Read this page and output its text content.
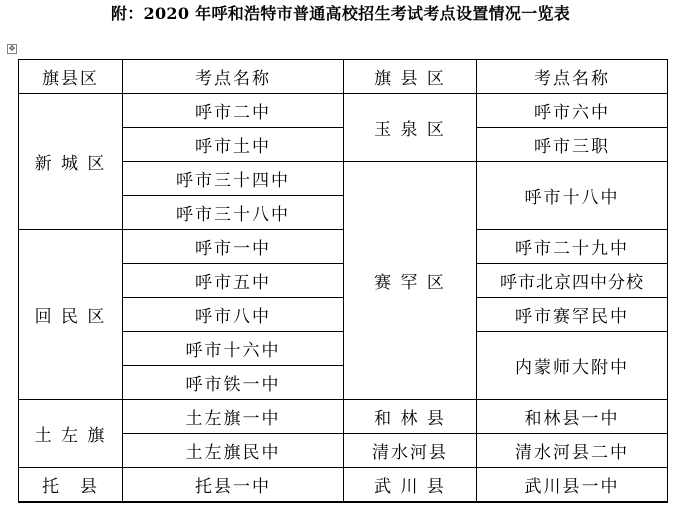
附：2020 年呼和浩特市普通高校招生考试考点设置情况一览表
✥
旗县区	考点名称	旗 县 区	考点名称
新 城 区	呼市二中	玉 泉 区	呼市六中
	呼市土中		呼市三职
	呼市三十四中	赛 罕 区	呼市十八中
	呼市三十八中		
回 民 区	呼市一中		呼市二十九中
	呼市五中		呼市北京四中分校
	呼市八中		呼市赛罕民中
	呼市十六中		内蒙师大附中
	呼市铁一中		
土 左 旗	土左旗一中	和 林 县	和林县一中
	土左旗民中	清水河县	清水河县二中
托　县	托县一中	武 川 县	武川县一中
